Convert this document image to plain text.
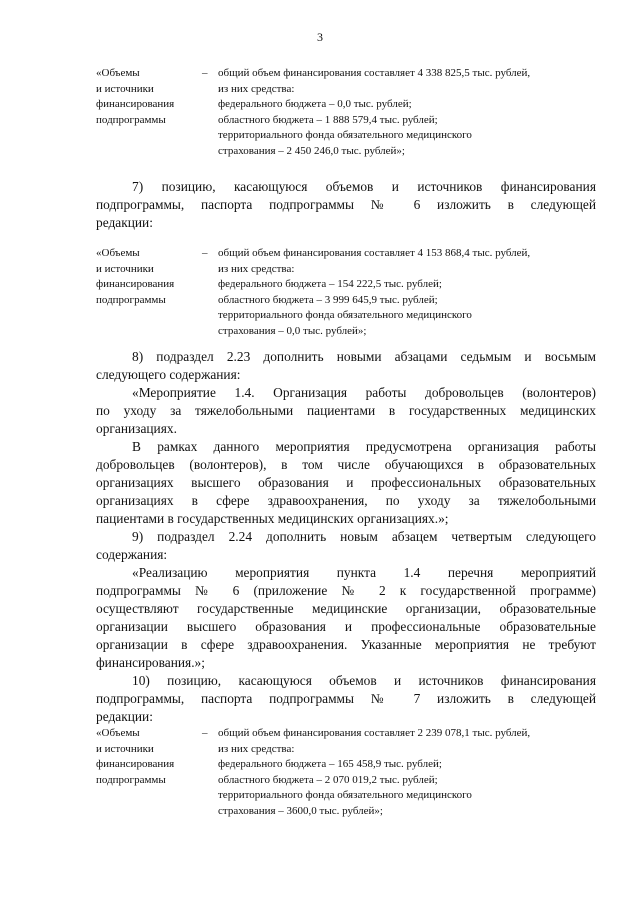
3
«Объемы
и источники
финансирования
подпрограммы
– общий объем финансирования составляет 4 338 825,5 тыс. рублей,
из них средства:
федерального бюджета – 0,0 тыс. рублей;
областного бюджета – 1 888 579,4 тыс. рублей;
территориального фонда обязательного медицинского
страхования – 2 450 246,0 тыс. рублей»;
7) позицию, касающуюся объемов и источников финансирования
подпрограммы, паспорта подпрограммы № 6 изложить в следующей
редакции:
«Объемы
и источники
финансирования
подпрограммы
– общий объем финансирования составляет 4 153 868,4 тыс. рублей,
из них средства:
федерального бюджета – 154 222,5 тыс. рублей;
областного бюджета – 3 999 645,9 тыс. рублей;
территориального фонда обязательного медицинского
страхования – 0,0 тыс. рублей»;
8) подраздел 2.23 дополнить новыми абзацами седьмым и восьмым
следующего содержания:
«Мероприятие 1.4. Организация работы добровольцев (волонтеров)
по уходу за тяжелобольными пациентами в государственных медицинских
организациях.
В рамках данного мероприятия предусмотрена организация работы
добровольцев (волонтеров), в том числе обучающихся в образовательных
организациях высшего образования и профессиональных образовательных
организациях в сфере здравоохранения, по уходу за тяжелобольными
пациентами в государственных медицинских организациях.»;
9) подраздел 2.24 дополнить новым абзацем четвертым следующего
содержания:
«Реализацию мероприятия пункта 1.4 перечня мероприятий
подпрограммы № 6 (приложение № 2 к государственной программе)
осуществляют государственные медицинские организации, образовательные
организации высшего образования и профессиональные образовательные
организации в сфере здравоохранения. Указанные мероприятия не требуют
финансирования.»;
10) позицию, касающуюся объемов и источников финансирования
подпрограммы, паспорта подпрограммы № 7 изложить в следующей
редакции:
«Объемы
и источники
финансирования
подпрограммы
– общий объем финансирования составляет 2 239 078,1 тыс. рублей,
из них средства:
федерального бюджета – 165 458,9 тыс. рублей;
областного бюджета – 2 070 019,2 тыс. рублей;
территориального фонда обязательного медицинского
страхования – 3600,0 тыс. рублей»;
